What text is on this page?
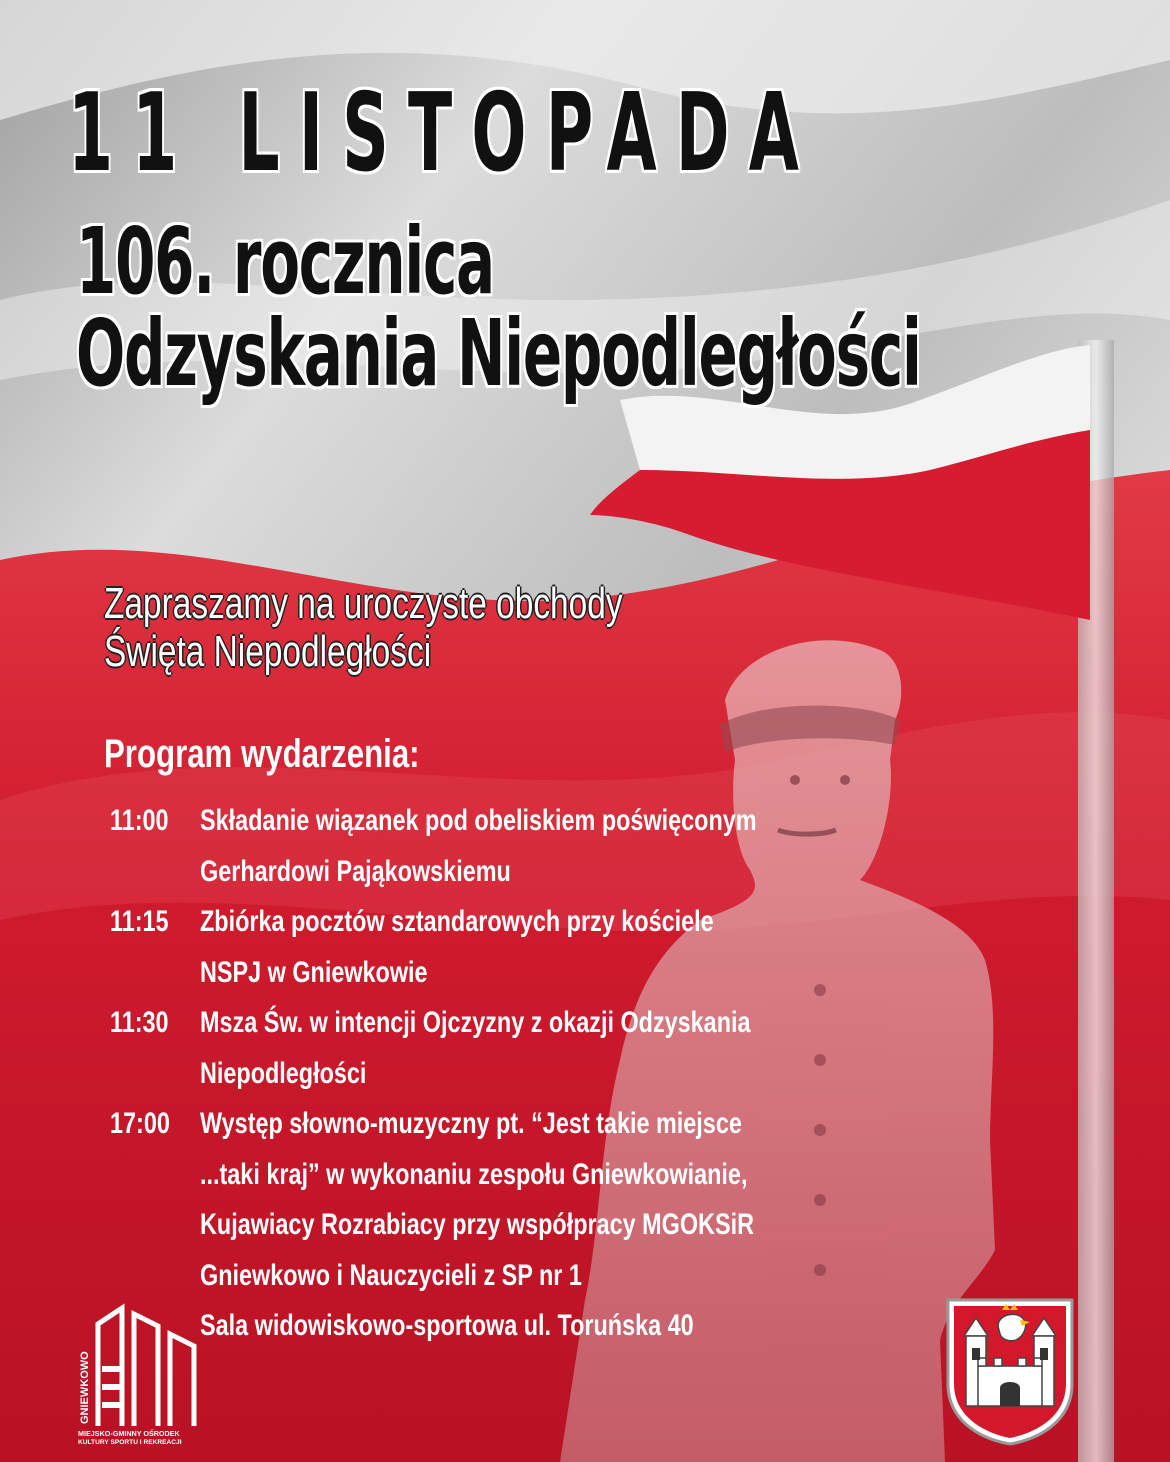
11 LISTOPADA
106. rocznica
Odzyskania Niepodległości

Zapraszamy na uroczyste obchody
Święta Niepodległości

Program wydarzenia:
11:00 Składanie wiązanek pod obeliskiem poświęconym
Gerhardowi Pająkowskiemu
11:15 Zbiórka pocztów sztandarowych przy kościele
NSPJ w Gniewkowie
11:30 Msza Św. w intencji Ojczyzny z okazji Odzyskania
Niepodległości
17:00 Występ słowno-muzyczny pt. “Jest takie miejsce
...taki kraj” w wykonaniu zespołu Gniewkowianie,
Kujawiacy Rozrabiacy przy współpracy MGOKSiR
Gniewkowo i Nauczycieli z SP nr 1
Sala widowiskowo-sportowa ul. Toruńska 40
GNIEWKOWO
MIEJSKO-GMINNY OŚRODEK
KULTURY SPORTU I REKREACJI
